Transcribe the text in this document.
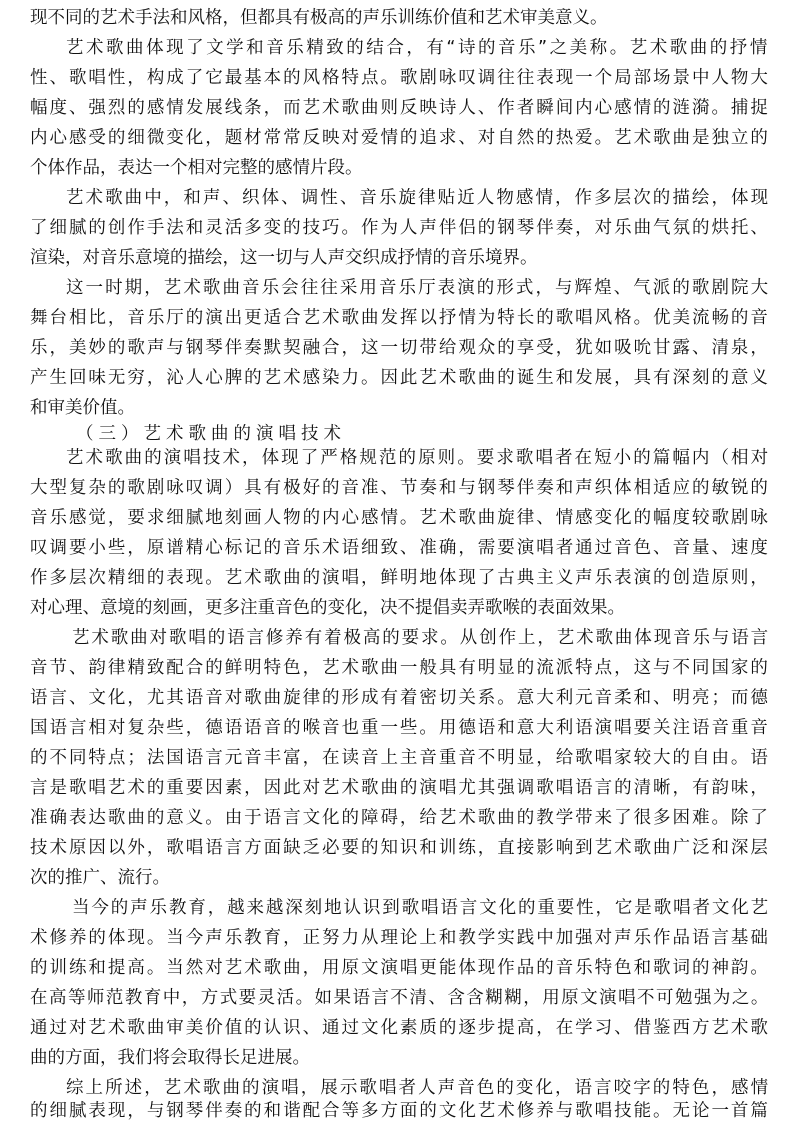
现不同的艺术手法和风格，但都具有极高的声乐训练价值和艺术审美意义。
艺术歌曲体现了文学和音乐精致的结合，有“诗的音乐”之美称。艺术歌曲的抒情
性、歌唱性，构成了它最基本的风格特点。歌剧咏叹调往往表现一个局部场景中人物大
幅度、强烈的感情发展线条，而艺术歌曲则反映诗人、作者瞬间内心感情的涟漪。捕捉
内心感受的细微变化，题材常常反映对爱情的追求、对自然的热爱。艺术歌曲是独立的
个体作品，表达一个相对完整的感情片段。
艺术歌曲中，和声、织体、调性、音乐旋律贴近人物感情，作多层次的描绘，体现
了细腻的创作手法和灵活多变的技巧。作为人声伴侣的钢琴伴奏，对乐曲气氛的烘托、
渲染，对音乐意境的描绘，这一切与人声交织成抒情的音乐境界。
这一时期，艺术歌曲音乐会往往采用音乐厅表演的形式，与辉煌、气派的歌剧院大
舞台相比，音乐厅的演出更适合艺术歌曲发挥以抒情为特长的歌唱风格。优美流畅的音
乐，美妙的歌声与钢琴伴奏默契融合，这一切带给观众的享受，犹如吸吮甘露、清泉，
产生回味无穷，沁人心脾的艺术感染力。因此艺术歌曲的诞生和发展，具有深刻的意义
和审美价值。
（三）艺术歌曲的演唱技术
艺术歌曲的演唱技术，体现了严格规范的原则。要求歌唱者在短小的篇幅内（相对
大型复杂的歌剧咏叹调）具有极好的音准、节奏和与钢琴伴奏和声织体相适应的敏锐的
音乐感觉，要求细腻地刻画人物的内心感情。艺术歌曲旋律、情感变化的幅度较歌剧咏
叹调要小些，原谱精心标记的音乐术语细致、准确，需要演唱者通过音色、音量、速度
作多层次精细的表现。艺术歌曲的演唱，鲜明地体现了古典主义声乐表演的创造原则，
对心理、意境的刻画，更多注重音色的变化，决不提倡卖弄歌喉的表面效果。
艺术歌曲对歌唱的语言修养有着极高的要求。从创作上，艺术歌曲体现音乐与语言
音节、韵律精致配合的鲜明特色，艺术歌曲一般具有明显的流派特点，这与不同国家的
语言、文化，尤其语音对歌曲旋律的形成有着密切关系。意大利元音柔和、明亮；而德
国语言相对复杂些，德语语音的喉音也重一些。用德语和意大利语演唱要关注语音重音
的不同特点；法国语言元音丰富，在读音上主音重音不明显，给歌唱家较大的自由。语
言是歌唱艺术的重要因素，因此对艺术歌曲的演唱尤其强调歌唱语言的清晰，有韵味，
准确表达歌曲的意义。由于语言文化的障碍，给艺术歌曲的教学带来了很多困难。除了
技术原因以外，歌唱语言方面缺乏必要的知识和训练，直接影响到艺术歌曲广泛和深层
次的推广、流行。
当今的声乐教育，越来越深刻地认识到歌唱语言文化的重要性，它是歌唱者文化艺
术修养的体现。当今声乐教育，正努力从理论上和教学实践中加强对声乐作品语言基础
的训练和提高。当然对艺术歌曲，用原文演唱更能体现作品的音乐特色和歌词的神韵。
在高等师范教育中，方式要灵活。如果语言不清、含含糊糊，用原文演唱不可勉强为之。
通过对艺术歌曲审美价值的认识、通过文化素质的逐步提高，在学习、借鉴西方艺术歌
曲的方面，我们将会取得长足进展。
综上所述，艺术歌曲的演唱，展示歌唱者人声音色的变化，语言咬字的特色，感情
的细腻表现，与钢琴伴奏的和谐配合等多方面的文化艺术修养与歌唱技能。无论一首篇
